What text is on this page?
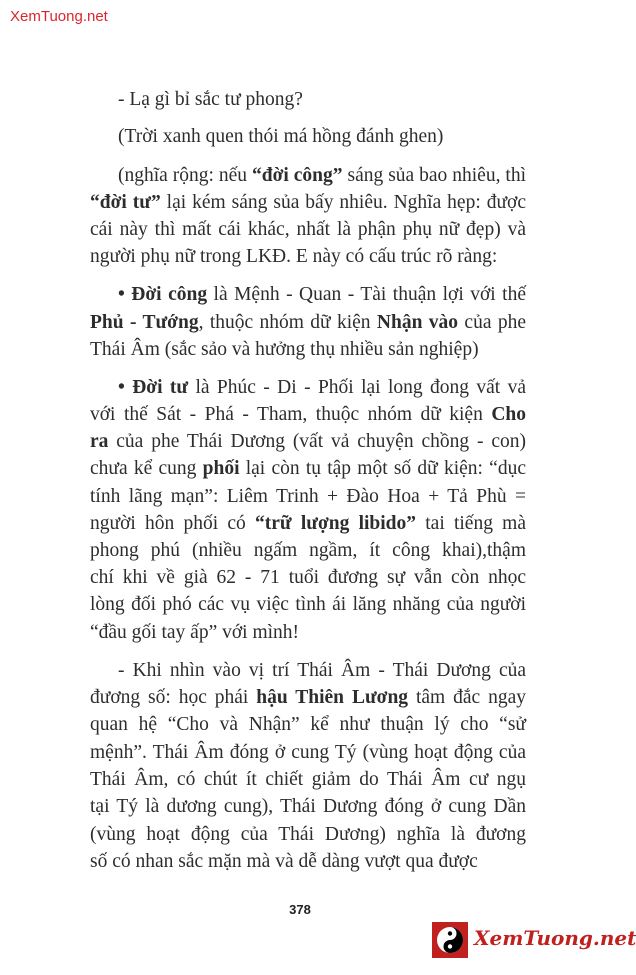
XemTuong.net
- Lạ gì bỉ sắc tư phong?
(Trời xanh quen thói má hồng đánh ghen)
(nghĩa rộng: nếu “đời công” sáng sủa bao nhiêu, thì
“đời tư” lại kém sáng sủa bấy nhiêu. Nghĩa hẹp: được
cái này thì mất cái khác, nhất là phận phụ nữ đẹp) và
người phụ nữ trong LKĐ. E này có cấu trúc rõ ràng:
• Đời công là Mệnh - Quan - Tài thuận lợi với thế
Phủ - Tướng, thuộc nhóm dữ kiện Nhận vào của phe
Thái Âm (sắc sảo và hưởng thụ nhiều sản nghiệp)
• Đời tư là Phúc - Di - Phối lại long đong vất vả
với thế Sát - Phá - Tham, thuộc nhóm dữ kiện Cho
ra của phe Thái Dương (vất vả chuyện chồng - con)
chưa kể cung phối lại còn tụ tập một số dữ kiện: “dục
tính lãng mạn”: Liêm Trinh + Đào Hoa + Tả Phù =
người hôn phối có “trữ lượng libido” tai tiếng mà
phong phú (nhiều ngấm ngầm, ít công khai),thậm
chí khi về già 62 - 71 tuổi đương sự vẫn còn nhọc
lòng đối phó các vụ việc tình ái lăng nhăng của người
“đầu gối tay ấp” với mình!
- Khi nhìn vào vị trí Thái Âm - Thái Dương của
đương số: học phái hậu Thiên Lương tâm đắc ngay
quan hệ “Cho và Nhận” kể như thuận lý cho “sử
mệnh”. Thái Âm đóng ở cung Tý (vùng hoạt động của
Thái Âm, có chút ít chiết giảm do Thái Âm cư ngụ
tại Tý là dương cung), Thái Dương đóng ở cung Dần
(vùng hoạt động của Thái Dương) nghĩa là đương
số có nhan sắc mặn mà và dễ dàng vượt qua được
378
XemTuong.net
